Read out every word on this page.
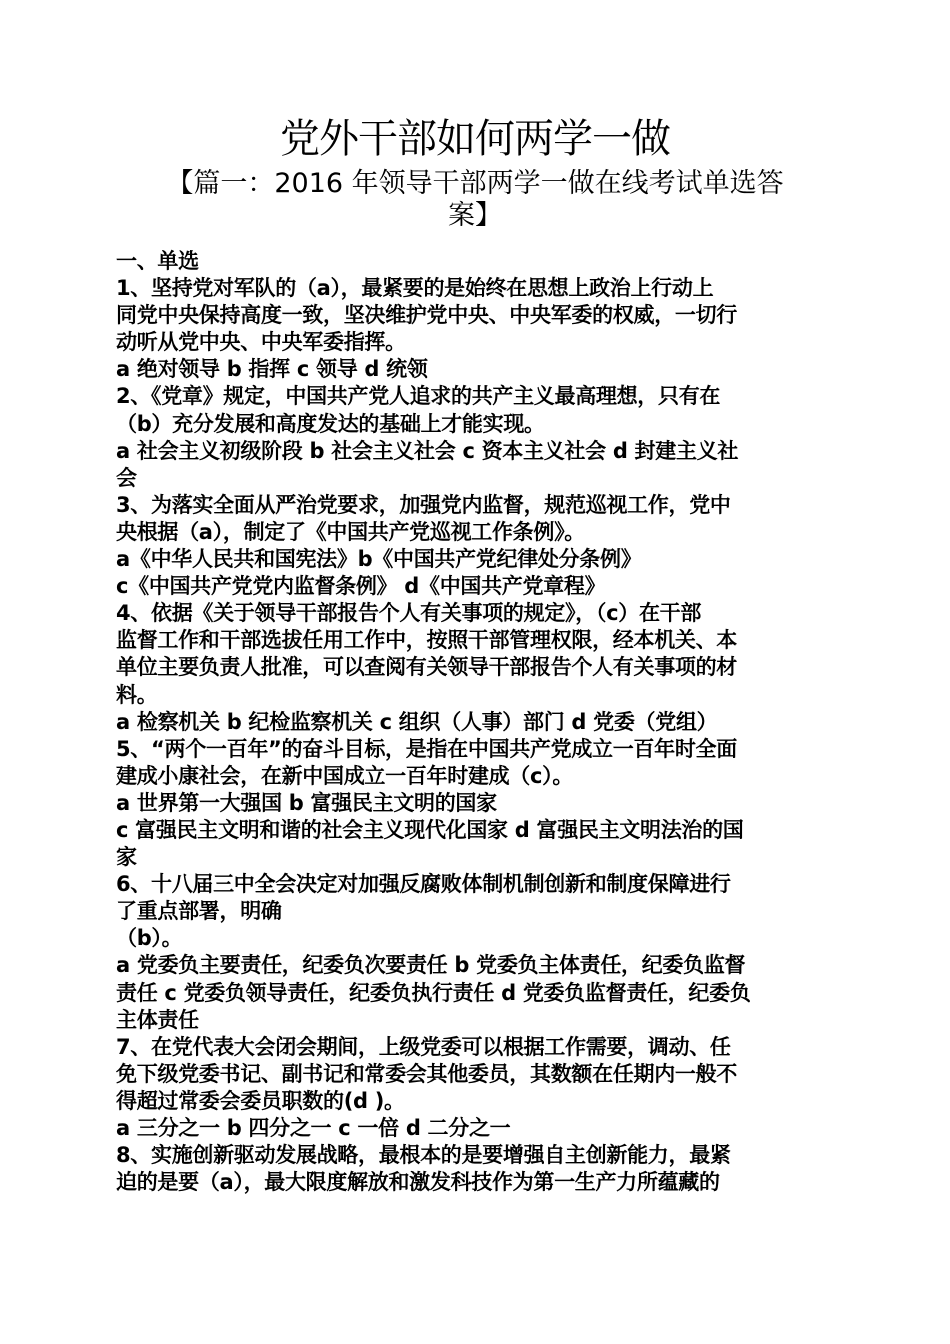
党外干部如何两学一做
【篇一：2016 年领导干部两学一做在线考试单选答
案】
一、单选
1、坚持党对军队的（a），最紧要的是始终在思想上政治上行动上
同党中央保持高度一致，坚决维护党中央、中央军委的权威，一切行
动听从党中央、中央军委指挥。
a 绝对领导 b 指挥 c 领导 d 统领
2、《党章》规定，中国共产党人追求的共产主义最高理想，只有在
（b）充分发展和高度发达的基础上才能实现。
a 社会主义初级阶段 b 社会主义社会 c 资本主义社会 d 封建主义社
会
3、为落实全面从严治党要求，加强党内监督，规范巡视工作，党中
央根据（a），制定了《中国共产党巡视工作条例》。
a《中华人民共和国宪法》b《中国共产党纪律处分条例》
c《中国共产党党内监督条例》 d《中国共产党章程》
4、依据《关于领导干部报告个人有关事项的规定》，（c）在干部
监督工作和干部选拔任用工作中，按照干部管理权限，经本机关、本
单位主要负责人批准，可以查阅有关领导干部报告个人有关事项的材
料。
a 检察机关 b 纪检监察机关 c 组织（人事）部门 d 党委（党组）
5、“两个一百年”的奋斗目标，是指在中国共产党成立一百年时全面
建成小康社会，在新中国成立一百年时建成（c）。
a 世界第一大强国 b 富强民主文明的国家
c 富强民主文明和谐的社会主义现代化国家 d 富强民主文明法治的国
家
6、十八届三中全会决定对加强反腐败体制机制创新和制度保障进行
了重点部署，明确
（b）。
a 党委负主要责任，纪委负次要责任 b 党委负主体责任，纪委负监督
责任 c 党委负领导责任，纪委负执行责任 d 党委负监督责任，纪委负
主体责任
7、在党代表大会闭会期间，上级党委可以根据工作需要，调动、任
免下级党委书记、副书记和常委会其他委员，其数额在任期内一般不
得超过常委会委员职数的(d )。
a 三分之一 b 四分之一 c 一倍 d 二分之一
8、实施创新驱动发展战略，最根本的是要增强自主创新能力，最紧
迫的是要（a），最大限度解放和激发科技作为第一生产力所蕴藏的
